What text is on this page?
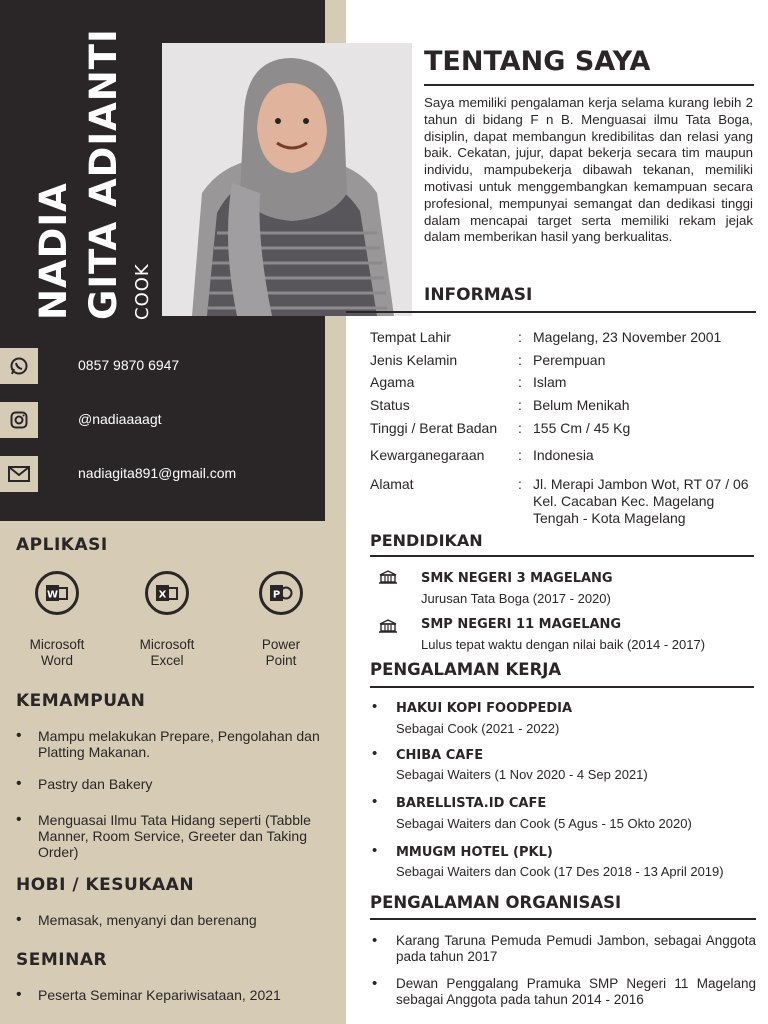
NADIA GITA ADIANTI COOK
0857 9870 6947
@nadiaaaagt
nadiagita891@gmail.com
APLIKASI
W
Microsoft
Word
X
Microsoft
Excel
P
Power
Point
KEMAMPUAN
• Mampu melakukan Prepare, Pengolahan dan Platting Makanan.
• Pastry dan Bakery
• Menguasai Ilmu Tata Hidang seperti (Tabble Manner, Room Service, Greeter dan Taking Order)
HOBI / KESUKAAN
• Memasak, menyanyi dan berenang
SEMINAR
• Peserta Seminar Kepariwisataan, 2021
TENTANG SAYA
Saya memiliki pengalaman kerja selama kurang lebih 2 tahun di bidang F n B. Menguasai ilmu Tata Boga, disiplin, dapat membangun kredibilitas dan relasi yang baik. Cekatan, jujur, dapat bekerja secara tim maupun individu, mampubekerja dibawah tekanan, memiliki motivasi untuk menggembangkan kemampuan secara profesional, mempunyai semangat dan dedikasi tinggi dalam mencapai target serta memiliki rekam jejak dalam memberikan hasil yang berkualitas.
INFORMASI
Tempat Lahir	: Magelang, 23 November 2001
Jenis Kelamin	: Perempuan
Agama	: Islam
Status	: Belum Menikah
Tinggi / Berat Badan	: 155 Cm / 45 Kg
Kewarganegaraan	: Indonesia
Alamat	: Jl. Merapi Jambon Wot, RT 07 / 06 Kel. Cacaban Kec. Magelang Tengah - Kota Magelang
PENDIDIKAN
SMK NEGERI 3 MAGELANG
Jurusan Tata Boga (2017 - 2020)
SMP NEGERI 11 MAGELANG
Lulus tepat waktu dengan nilai baik (2014 - 2017)
PENGALAMAN KERJA
• HAKUI KOPI FOODPEDIA
Sebagai Cook (2021 - 2022)
• CHIBA CAFE
Sebagai Waiters (1 Nov 2020 - 4 Sep 2021)
• BARELLISTA.ID CAFE
Sebagai Waiters dan Cook (5 Agus - 15 Okto 2020)
• MMUGM HOTEL (PKL)
Sebagai Waiters dan Cook (17 Des 2018 - 13 April 2019)
PENGALAMAN ORGANISASI
• Karang Taruna Pemuda Pemudi Jambon, sebagai Anggota pada tahun 2017
• Dewan Penggalang Pramuka SMP Negeri 11 Magelang sebagai Anggota pada tahun 2014 - 2016
